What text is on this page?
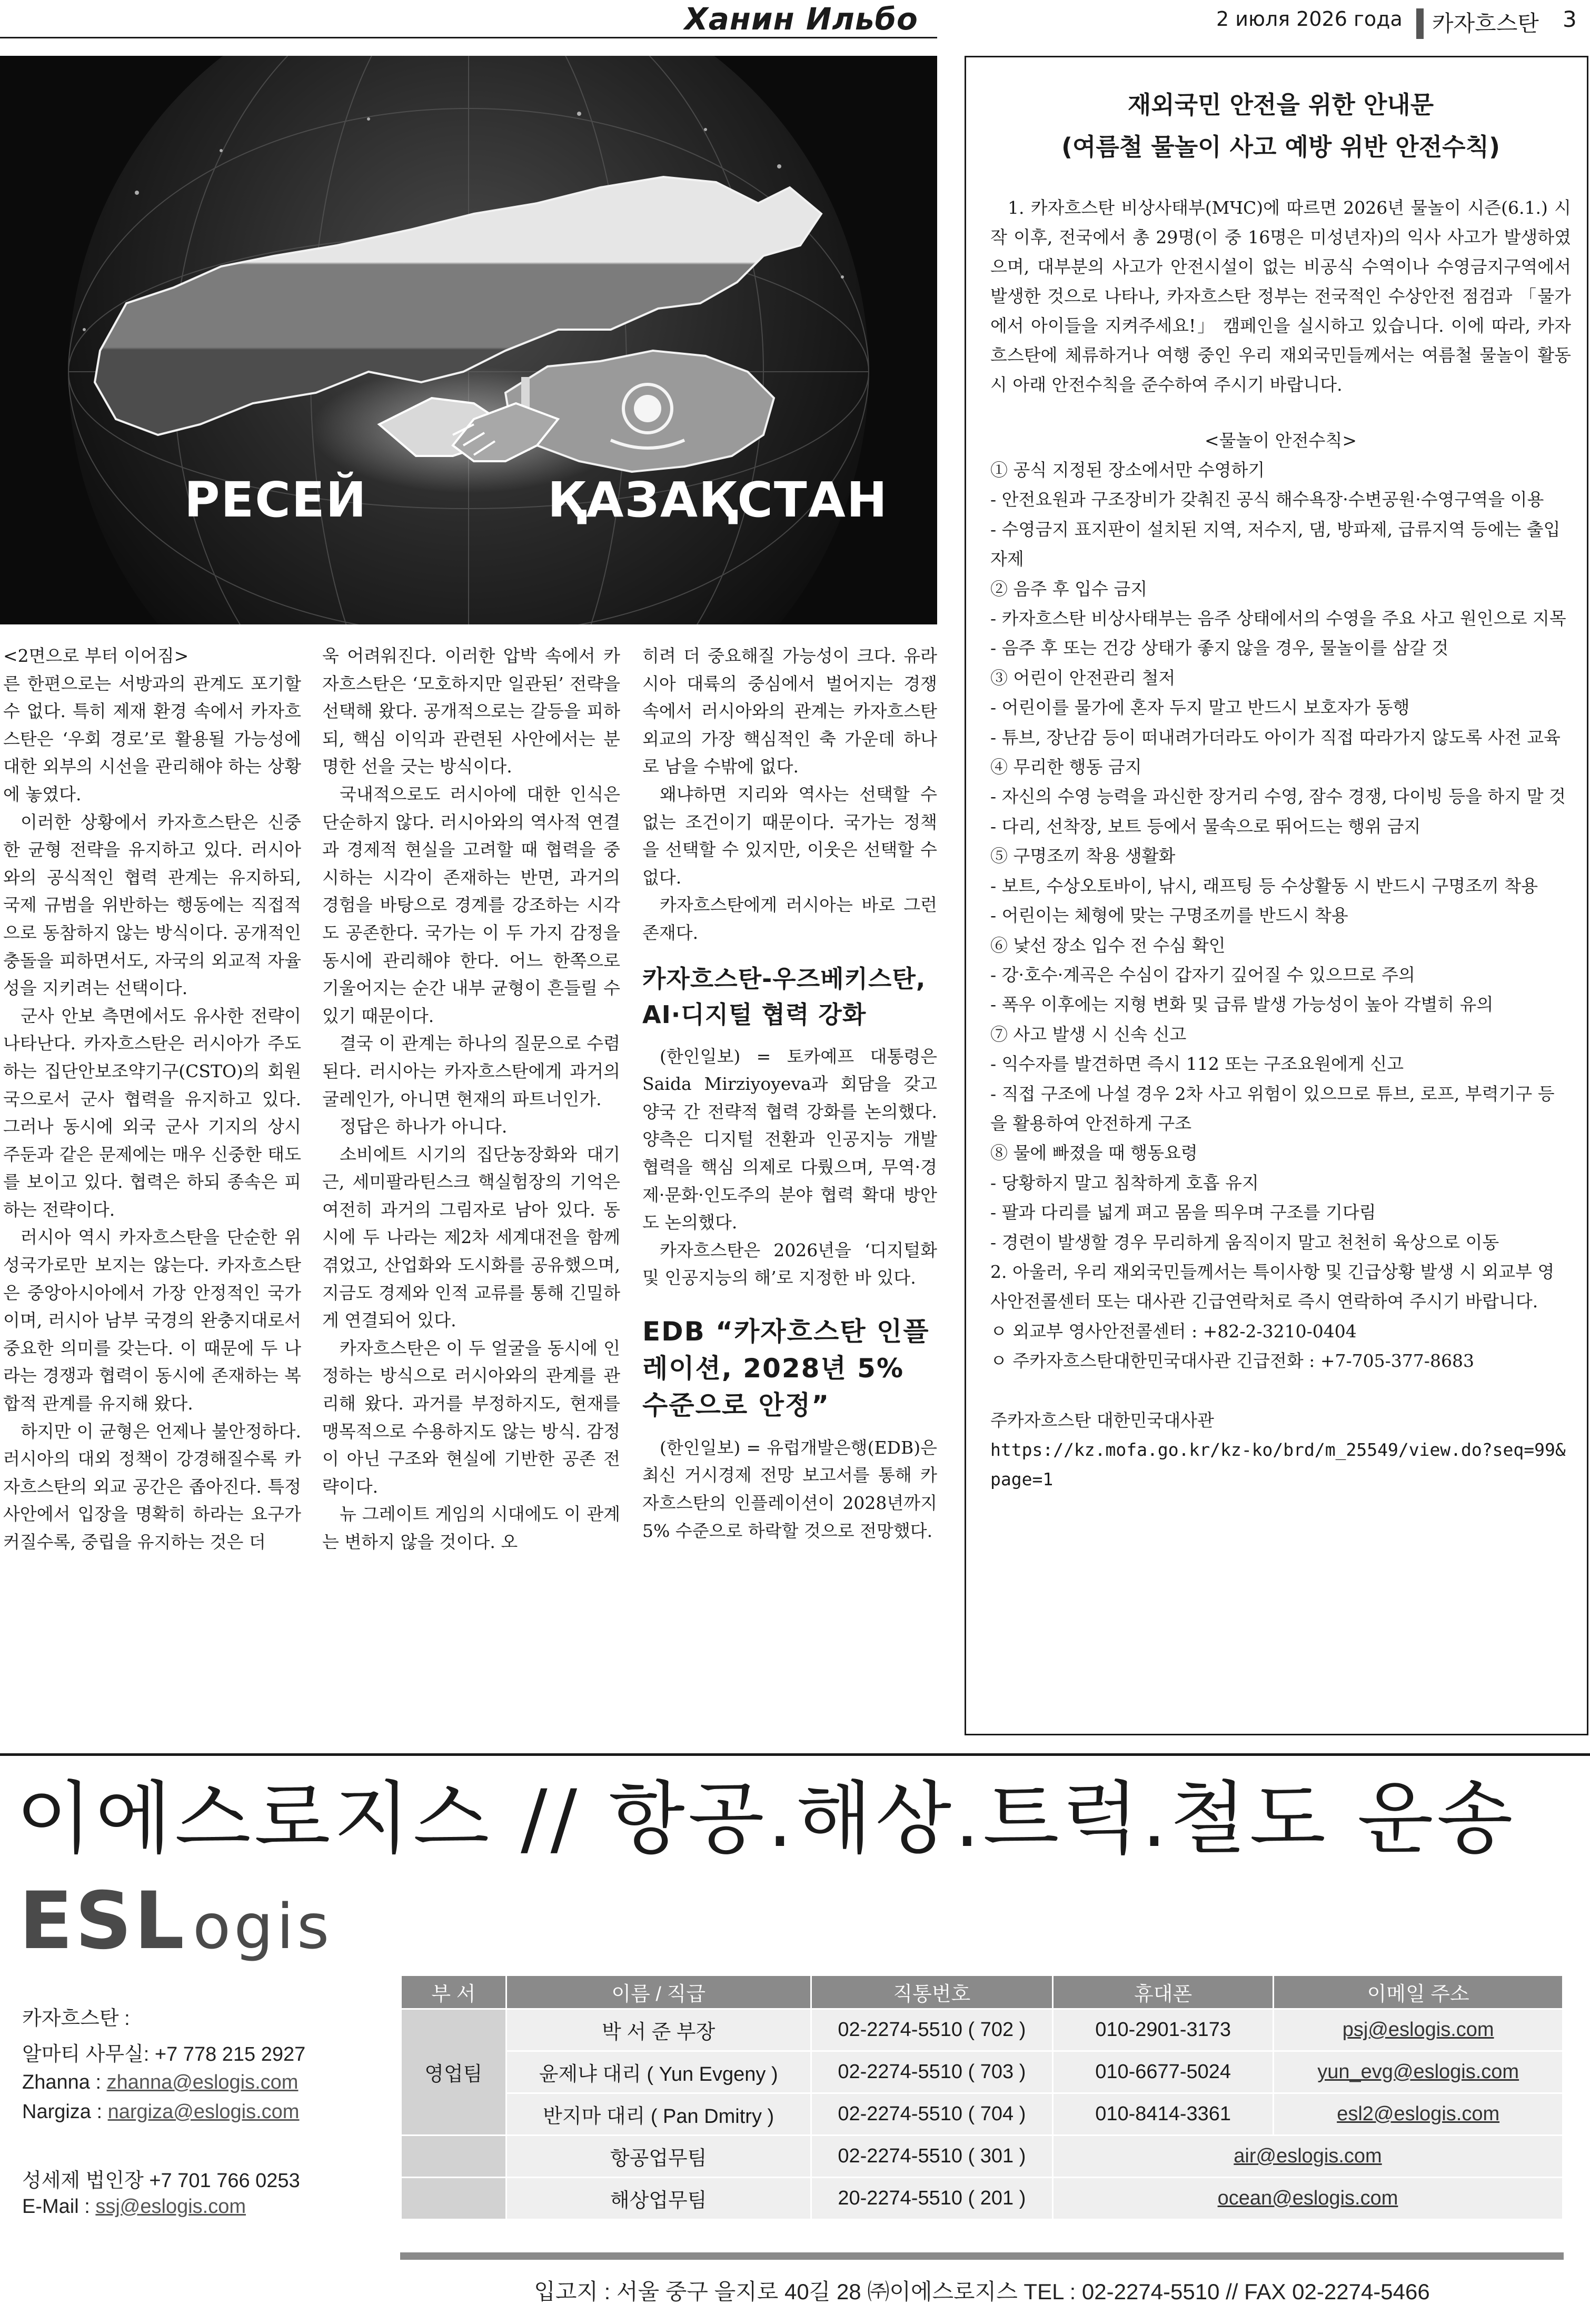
Ханин Ильбо	2 июля 2026 года 카자흐스탄 3
РЕСЕЙ	ҚАЗАҚСТАН

<2면으로 부터 이어짐>

른 한편으로는 서방과의 관계도 포기할 수 없다. 특히 제재 환경 속에서 카자흐스탄은 ‘우회 경로’로 활용될 가능성에 대한 외부의 시선을 관리해야 하는 상황에 놓였다.

이러한 상황에서 카자흐스탄은 신중한 균형 전략을 유지하고 있다. 러시아와의 공식적인 협력 관계는 유지하되, 국제 규범을 위반하는 행동에는 직접적으로 동참하지 않는 방식이다. 공개적인 충돌을 피하면서도, 자국의 외교적 자율성을 지키려는 선택이다.

군사 안보 측면에서도 유사한 전략이 나타난다. 카자흐스탄은 러시아가 주도하는 집단안보조약기구(CSTO)의 회원국으로서 군사 협력을 유지하고 있다. 그러나 동시에 외국 군사 기지의 상시 주둔과 같은 문제에는 매우 신중한 태도를 보이고 있다. 협력은 하되 종속은 피하는 전략이다.

러시아 역시 카자흐스탄을 단순한 위성국가로만 보지는 않는다. 카자흐스탄은 중앙아시아에서 가장 안정적인 국가이며, 러시아 남부 국경의 완충지대로서 중요한 의미를 갖는다. 이 때문에 두 나라는 경쟁과 협력이 동시에 존재하는 복합적 관계를 유지해 왔다.

하지만 이 균형은 언제나 불안정하다. 러시아의 대외 정책이 강경해질수록 카자흐스탄의 외교 공간은 좁아진다. 특정 사안에서 입장을 명확히 하라는 요구가 커질수록, 중립을 유지하는 것은 더

욱 어려워진다. 이러한 압박 속에서 카자흐스탄은 ‘모호하지만 일관된’ 전략을 선택해 왔다. 공개적으로는 갈등을 피하되, 핵심 이익과 관련된 사안에서는 분명한 선을 긋는 방식이다.

국내적으로도 러시아에 대한 인식은 단순하지 않다. 러시아와의 역사적 연결과 경제적 현실을 고려할 때 협력을 중시하는 시각이 존재하는 반면, 과거의 경험을 바탕으로 경계를 강조하는 시각도 공존한다. 국가는 이 두 가지 감정을 동시에 관리해야 한다. 어느 한쪽으로 기울어지는 순간 내부 균형이 흔들릴 수 있기 때문이다.

결국 이 관계는 하나의 질문으로 수렴된다. 러시아는 카자흐스탄에게 과거의 굴레인가, 아니면 현재의 파트너인가.

정답은 하나가 아니다.

소비에트 시기의 집단농장화와 대기근, 세미팔라틴스크 핵실험장의 기억은 여전히 과거의 그림자로 남아 있다. 동시에 두 나라는 제2차 세계대전을 함께 겪었고, 산업화와 도시화를 공유했으며, 지금도 경제와 인적 교류를 통해 긴밀하게 연결되어 있다.

카자흐스탄은 이 두 얼굴을 동시에 인정하는 방식으로 러시아와의 관계를 관리해 왔다. 과거를 부정하지도, 현재를 맹목적으로 수용하지도 않는 방식. 감정이 아닌 구조와 현실에 기반한 공존 전략이다.

뉴 그레이트 게임의 시대에도 이 관계는 변하지 않을 것이다. 오

히려 더 중요해질 가능성이 크다. 유라시아 대륙의 중심에서 벌어지는 경쟁 속에서 러시아와의 관계는 카자흐스탄 외교의 가장 핵심적인 축 가운데 하나로 남을 수밖에 없다.

왜냐하면 지리와 역사는 선택할 수 없는 조건이기 때문이다. 국가는 정책을 선택할 수 있지만, 이웃은 선택할 수 없다.

카자흐스탄에게 러시아는 바로 그런 존재다.

카자흐스탄-우즈베키스탄, AI·디지털 협력 강화

(한인일보) = 토카예프 대통령은 Saida Mirziyoyeva과 회담을 갖고 양국 간 전략적 협력 강화를 논의했다. 양측은 디지털 전환과 인공지능 개발 협력을 핵심 의제로 다뤘으며, 무역·경제·문화·인도주의 분야 협력 확대 방안도 논의했다.

카자흐스탄은 2026년을 ‘디지털화 및 인공지능의 해’로 지정한 바 있다.

EDB “카자흐스탄 인플레이션, 2028년 5% 수준으로 안정”

(한인일보) = 유럽개발은행(EDB)은 최신 거시경제 전망 보고서를 통해 카자흐스탄의 인플레이션이 2028년까지 5% 수준으로 하락할 것으로 전망했다.

재외국민 안전을 위한 안내문
(여름철 물놀이 사고 예방 위반 안전수칙)

1. 카자흐스탄 비상사태부(МЧС)에 따르면 2026년 물놀이 시즌(6.1.) 시작 이후, 전국에서 총 29명(이 중 16명은 미성년자)의 익사 사고가 발생하였으며, 대부분의 사고가 안전시설이 없는 비공식 수역이나 수영금지구역에서 발생한 것으로 나타나, 카자흐스탄 정부는 전국적인 수상안전 점검과 「물가에서 아이들을 지켜주세요!」 캠페인을 실시하고 있습니다. 이에 따라, 카자흐스탄에 체류하거나 여행 중인 우리 재외국민들께서는 여름철 물놀이 활동 시 아래 안전수칙을 준수하여 주시기 바랍니다.

<물놀이 안전수칙>
① 공식 지정된 장소에서만 수영하기
- 안전요원과 구조장비가 갖춰진 공식 해수욕장·수변공원·수영구역을 이용
- 수영금지 표지판이 설치된 지역, 저수지, 댐, 방파제, 급류지역 등에는 출입 자제
② 음주 후 입수 금지
- 카자흐스탄 비상사태부는 음주 상태에서의 수영을 주요 사고 원인으로 지목
- 음주 후 또는 건강 상태가 좋지 않을 경우, 물놀이를 삼갈 것
③ 어린이 안전관리 철저
- 어린이를 물가에 혼자 두지 말고 반드시 보호자가 동행
- 튜브, 장난감 등이 떠내려가더라도 아이가 직접 따라가지 않도록 사전 교육
④ 무리한 행동 금지
- 자신의 수영 능력을 과신한 장거리 수영, 잠수 경쟁, 다이빙 등을 하지 말 것
- 다리, 선착장, 보트 등에서 물속으로 뛰어드는 행위 금지
⑤ 구명조끼 착용 생활화
- 보트, 수상오토바이, 낚시, 래프팅 등 수상활동 시 반드시 구명조끼 착용
- 어린이는 체형에 맞는 구명조끼를 반드시 착용
⑥ 낯선 장소 입수 전 수심 확인
- 강·호수·계곡은 수심이 갑자기 깊어질 수 있으므로 주의
- 폭우 이후에는 지형 변화 및 급류 발생 가능성이 높아 각별히 유의
⑦ 사고 발생 시 신속 신고
- 익수자를 발견하면 즉시 112 또는 구조요원에게 신고
- 직접 구조에 나설 경우 2차 사고 위험이 있으므로 튜브, 로프, 부력기구 등을 활용하여 안전하게 구조
⑧ 물에 빠졌을 때 행동요령
- 당황하지 말고 침착하게 호흡 유지
- 팔과 다리를 넓게 펴고 몸을 띄우며 구조를 기다림
- 경련이 발생할 경우 무리하게 움직이지 말고 천천히 육상으로 이동
2. 아울러, 우리 재외국민들께서는 특이사항 및 긴급상황 발생 시 외교부 영사안전콜센터 또는 대사관 긴급연락처로 즉시 연락하여 주시기 바랍니다.
ㅇ 외교부 영사안전콜센터 : +82-2-3210-0404
ㅇ 주카자흐스탄대한민국대사관 긴급전화 : +7-705-377-8683
주카자흐스탄 대한민국대사관
https://kz.mofa.go.kr/kz-ko/brd/m_25549/view.do?seq=99&page=1
이에스로지스 // 항공.해상.트럭.철도 운송
ESL ogis
카자흐스탄 :
알마티 사무실: +7 778 215 2927
Zhanna : zhanna@eslogis.com
Nargiza : nargiza@eslogis.com
성세제 법인장 +7 701 766 0253
E-Mail : ssj@eslogis.com
부 서	이름 / 직급	직통번호	휴대폰	이메일 주소
영업팀	박 서 준 부장	02-2274-5510 ( 702 )	010-2901-3173	psj@eslogis.com
	윤제냐 대리 ( Yun Evgeny )	02-2274-5510 ( 703 )	010-6677-5024	yun_evg@eslogis.com
	반지마 대리 ( Pan Dmitry )	02-2274-5510 ( 704 )	010-8414-3361	esl2@eslogis.com
	항공업무팀	02-2274-5510 ( 301 )	air@eslogis.com	
	해상업무팀	20-2274-5510 ( 201 )	ocean@eslogis.com	
입고지 : 서울 중구 을지로 40길 28 ㈜이에스로지스 TEL : 02-2274-5510 // FAX 02-2274-5466
